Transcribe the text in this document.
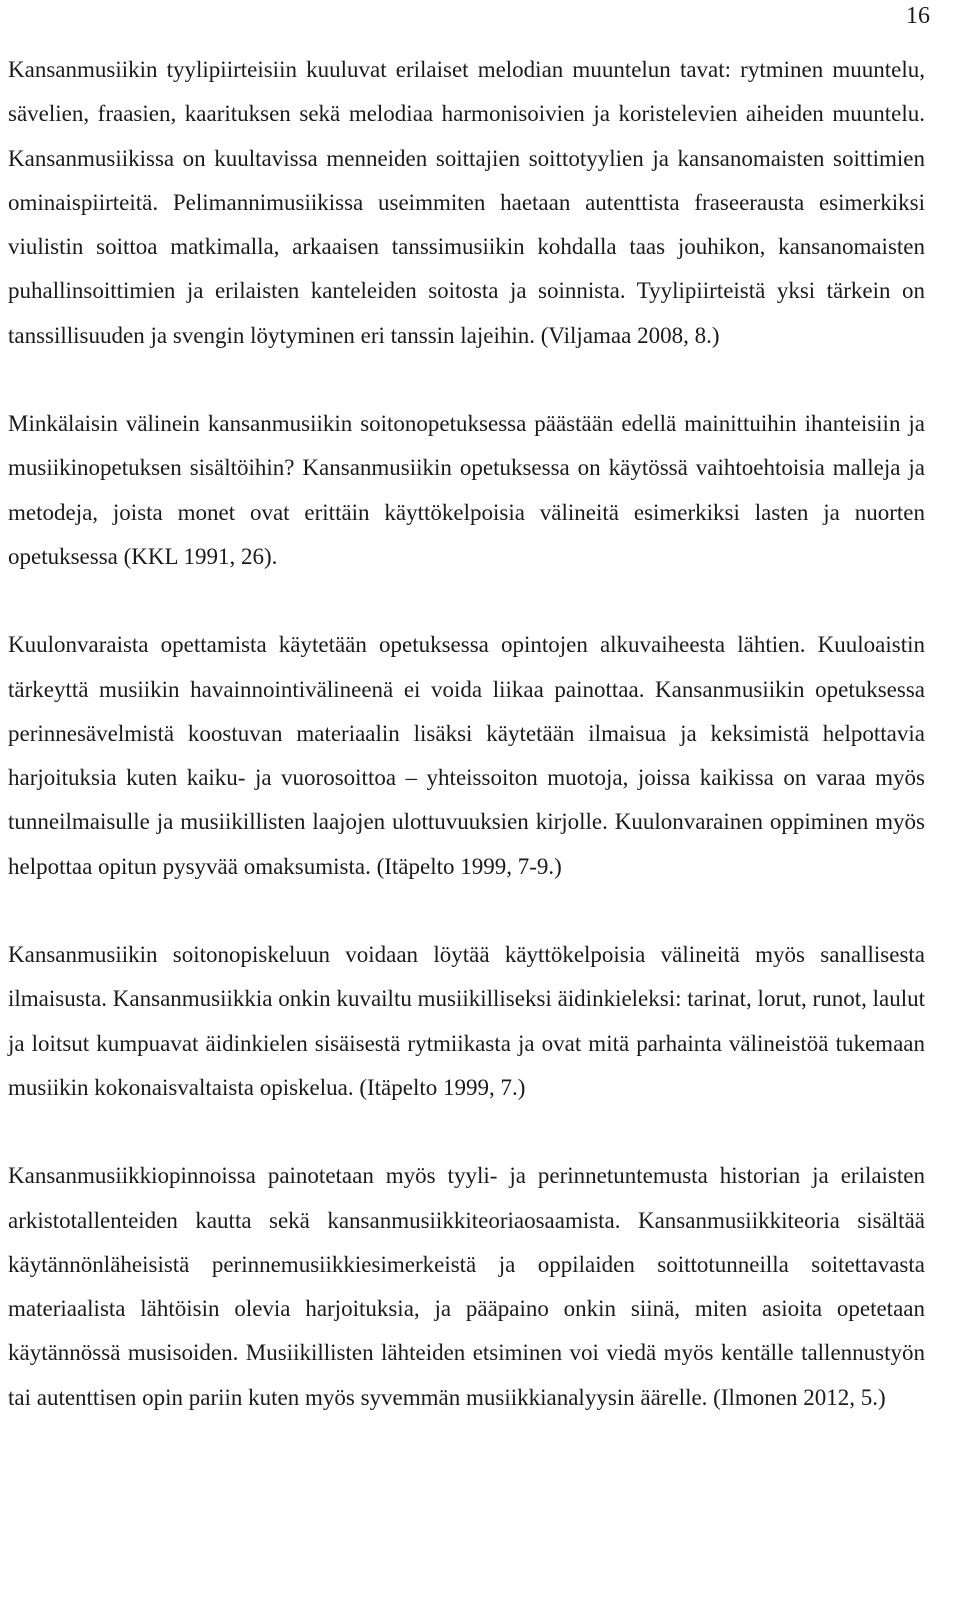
16

Kansanmusiikin tyylipiirteisiin kuuluvat erilaiset melodian muuntelun tavat: rytminen muuntelu, sävelien, fraasien, kaarituksen sekä melodiaa harmonisoivien ja koristelevien aiheiden muuntelu. Kansanmusiikissa on kuultavissa menneiden soittajien soittotyylien ja kansanomaisten soittimien ominaispiirteitä. Pelimannimusiikissa useimmiten haetaan autenttista fraseerausta esimerkiksi viulistin soittoa matkimalla, arkaaisen tanssimusiikin kohdalla taas jouhikon, kansanomaisten puhallinsoittimien ja erilaisten kanteleiden soitosta ja soinnista. Tyylipiirteistä yksi tärkein on tanssillisuuden ja svengin löytyminen eri tanssin lajeihin. (Viljamaa 2008, 8.)

Minkälaisin välinein kansanmusiikin soitonopetuksessa päästään edellä mainittuihin ihanteisiin ja musiikinopetuksen sisältöihin? Kansanmusiikin opetuksessa on käytössä vaihtoehtoisia malleja ja metodeja, joista monet ovat erittäin käyttökelpoisia välineitä esimerkiksi lasten ja nuorten opetuksessa (KKL 1991, 26).

Kuulonvaraista opettamista käytetään opetuksessa opintojen alkuvaiheesta lähtien. Kuuloaistin tärkeyttä musiikin havainnointivälineenä ei voida liikaa painottaa. Kansanmusiikin opetuksessa perinnesävelmistä koostuvan materiaalin lisäksi käytetään ilmaisua ja keksimistä helpottavia harjoituksia kuten kaiku- ja vuorosoittoa – yhteissoiton muotoja, joissa kaikissa on varaa myös tunneilmaisulle ja musiikillisten laajojen ulottuvuuksien kirjolle. Kuulonvarainen oppiminen myös helpottaa opitun pysyvää omaksumista. (Itäpelto 1999, 7-9.)

Kansanmusiikin soitonopiskeluun voidaan löytää käyttökelpoisia välineitä myös sanallisesta ilmaisusta. Kansanmusiikkia onkin kuvailtu musiikilliseksi äidinkieleksi: tarinat, lorut, runot, laulut ja loitsut kumpuavat äidinkielen sisäisestä rytmiikasta ja ovat mitä parhainta välineistöä tukemaan musiikin kokonaisvaltaista opiskelua. (Itäpelto 1999, 7.)

Kansanmusiikkiopinnoissa painotetaan myös tyyli- ja perinnetuntemusta historian ja erilaisten arkistotallenteiden kautta sekä kansanmusiikkiteoriaosaamista. Kansanmusiikkiteoria sisältää käytännönläheisistä perinnemusiikkiesimerkeistä ja oppilaiden soittotunneilla soitettavasta materiaalista lähtöisin olevia harjoituksia, ja pääpaino onkin siinä, miten asioita opetetaan käytännössä musisoiden. Musiikillisten lähteiden etsiminen voi viedä myös kentälle tallennustyön tai autenttisen opin pariin kuten myös syvemmän musiikkianalyysin äärelle. (Ilmonen 2012, 5.)
